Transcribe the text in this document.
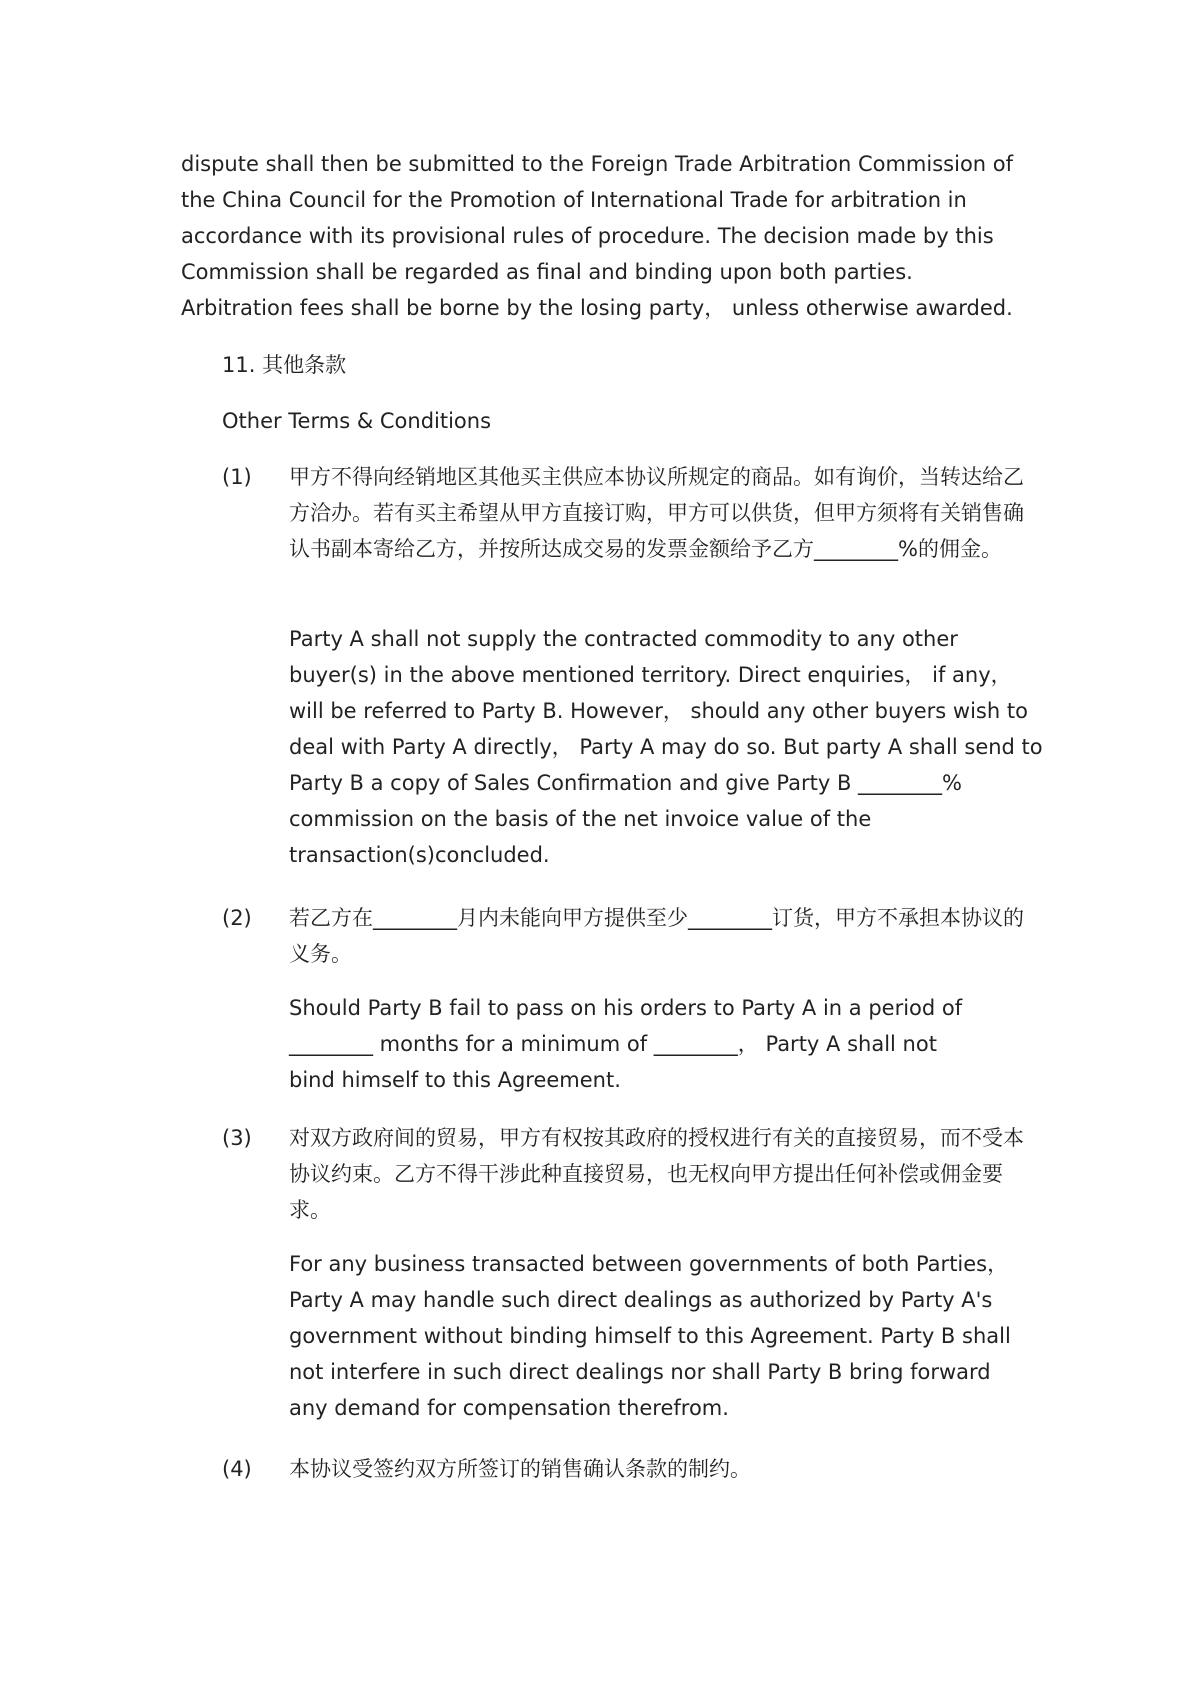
dispute shall then be submitted to the Foreign Trade Arbitration Commission of the China Council for the Promotion of International Trade for arbitration in accordance with its provisional rules of procedure. The decision made by this Commission shall be regarded as final and binding upon both parties. Arbitration fees shall be borne by the losing party， unless otherwise awarded.
11. 其他条款
Other Terms & Conditions
(1)	甲方不得向经销地区其他买主供应本协议所规定的商品。如有询价，当转达给乙方洽办。若有买主希望从甲方直接订购，甲方可以供货，但甲方须将有关销售确认书副本寄给乙方，并按所达成交易的发票金额给予乙方________%的佣金。
Party A shall not supply the contracted commodity to any other buyer(s) in the above mentioned territory. Direct enquiries， if any， will be referred to Party B. However， should any other buyers wish to deal with Party A directly， Party A may do so. But party A shall send to Party B a copy of Sales Confirmation and give Party B ________% commission on the basis of the net invoice value of the transaction(s)concluded.
(2)	若乙方在________月内未能向甲方提供至少________订货，甲方不承担本协议的义务。
Should Party B fail to pass on his orders to Party A in a period of ________ months for a minimum of ________， Party A shall not bind himself to this Agreement.
(3)	对双方政府间的贸易，甲方有权按其政府的授权进行有关的直接贸易，而不受本协议约束。乙方不得干涉此种直接贸易，也无权向甲方提出任何补偿或佣金要求。
For any business transacted between governments of both Parties， Party A may handle such direct dealings as authorized by Party A's government without binding himself to this Agreement. Party B shall not interfere in such direct dealings nor shall Party B bring forward any demand for compensation therefrom.
(4)	本协议受签约双方所签订的销售确认条款的制约。
